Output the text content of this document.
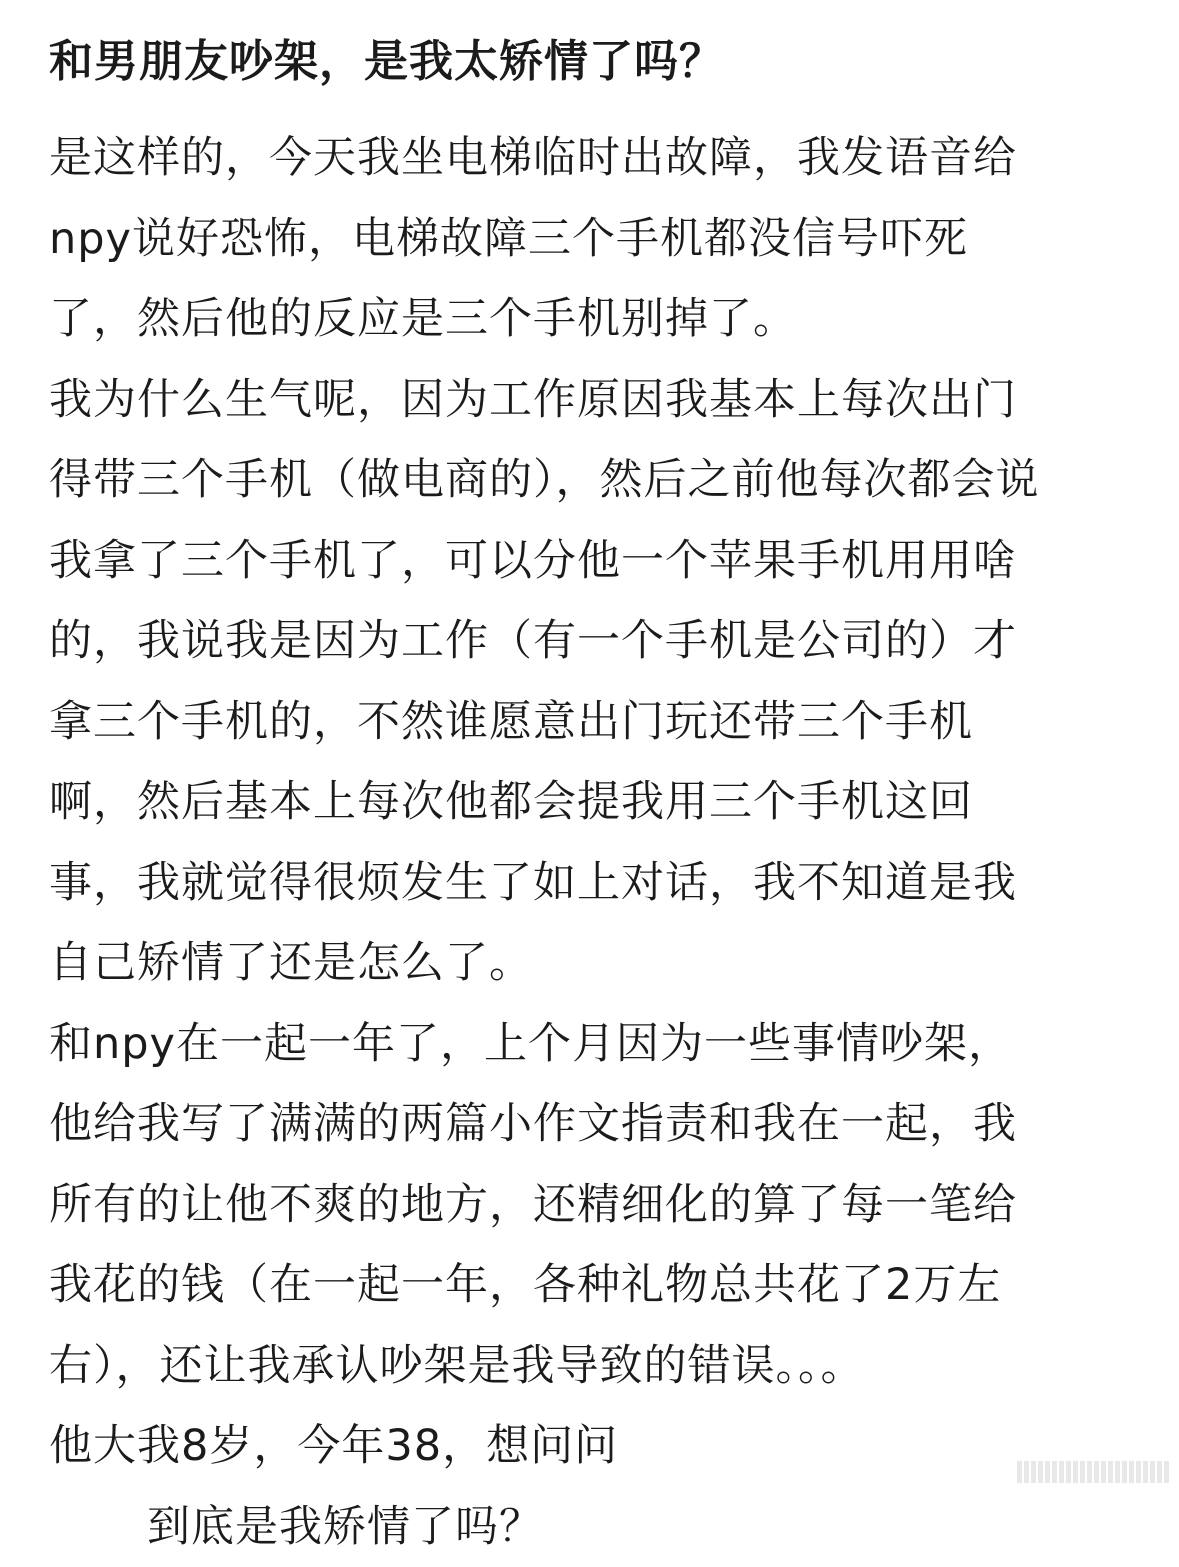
和男朋友吵架，是我太矫情了吗？
是这样的，今天我坐电梯临时出故障，我发语音给
npy说好恐怖，电梯故障三个手机都没信号吓死
了，然后他的反应是三个手机别掉了。
我为什么生气呢，因为工作原因我基本上每次出门
得带三个手机（做电商的），然后之前他每次都会说
我拿了三个手机了，可以分他一个苹果手机用用啥
的，我说我是因为工作（有一个手机是公司的）才
拿三个手机的，不然谁愿意出门玩还带三个手机
啊，然后基本上每次他都会提我用三个手机这回
事，我就觉得很烦发生了如上对话，我不知道是我
自己矫情了还是怎么了。
和npy在一起一年了，上个月因为一些事情吵架，
他给我写了满满的两篇小作文指责和我在一起，我
所有的让他不爽的地方，还精细化的算了每一笔给
我花的钱（在一起一年，各种礼物总共花了2万左
右），还让我承认吵架是我导致的错误。。。
他大我8岁，今年38，想问问
到底是我矫情了吗？
